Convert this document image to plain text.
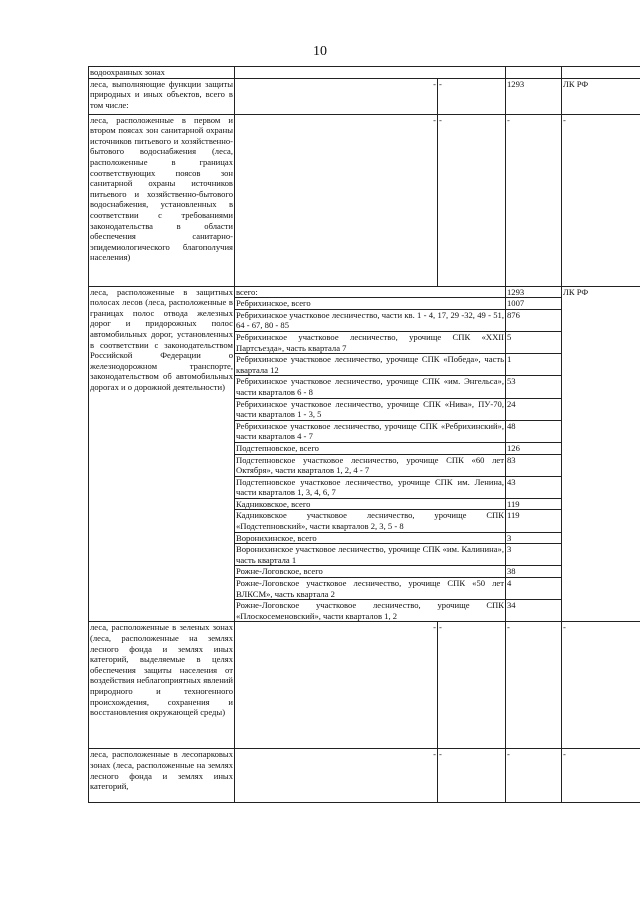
10
водоохранных зонах				
леса, выполняющие функции защиты природных и иных объектов, всего в том числе:	-	-	1293	ЛК РФ
леса, расположенные в первом и втором поясах зон санитарной охраны источников питьевого и хозяйственно-бытового водоснабжения (леса, расположенные в границах соответствующих поясов зон санитарной охраны источников питьевого и хозяйственно-бытового водоснабжения, установленных в соответствии с требованиями законодательства в области обеспечения санитарно-эпидемиологического благополучия населения)	-	-	-	-
леса, расположенные в защитных полосах лесов (леса, расположенные в границах полос отвода железных дорог и придорожных полос автомобильных дорог, установленных в соответствии с законодательством Российской Федерации о железнодорожном транспорте, законодательством об автомобильных дорогах и о дорожной деятельности)	всего:		1293	ЛК РФ
	Ребрихинское, всего		1007	
	Ребрихинское участковое лесничество, части кв. 1 - 4, 17, 29 -32, 49 - 51, 64 - 67, 80 - 85		876	
	Ребрихинское участковое лесничество, урочище СПК «XXII Партсъезда», часть квартала 7		5	
	Ребрихинское участковое лесничество, урочище СПК «Победа», часть квартала 12		1	
	Ребрихинское участковое лесничество, урочище СПК «им. Энгельса», части кварталов 6 - 8		53	
	Ребрихинское участковое лесничество, урочище СПК «Нива», ПУ-70, части кварталов 1 - 3, 5		24	
	Ребрихинское участковое лесничество, урочище СПК «Ребрихинский», части кварталов 4 - 7		48	
	Подстепновское, всего		126	
	Подстепновское участковое лесничество, урочище СПК «60 лет Октября», части кварталов 1, 2, 4 - 7		83	
	Подстепновское участковое лесничество, урочище СПК им. Ленина, части кварталов 1, 3, 4, 6, 7		43	
	Кадниковское, всего		119	
	Кадниковское участковое лесничество, урочище СПК «Подстепновский», части кварталов 2, 3, 5 - 8		119	
	Ворониxинское, всего		3	
	Воронихинское участковое лесничество, урочище СПК «им. Калинина», часть квартала 1		3	
	Рожне-Логовское, всего		38	
	Рожне-Логовское участковое лесничество, урочище СПК «50 лет ВЛКСМ», часть квартала 2		4	
	Рожне-Логовское участковое лесничество, урочище СПК «Плоскосеменовский», части кварталов 1, 2		34	
леса, расположенные в зеленых зонах (леса, расположенные на землях лесного фонда и землях иных категорий, выделяемые в целях обеспечения защиты населения от воздействия неблагоприятных явлений природного и техногенного происхождения, сохранения и восстановления окружающей среды)	-	-	-	-
леса, расположенные в лесопарковых зонах (леса, расположенные на землях лесного фонда и землях иных категорий,	-	-	-	-
